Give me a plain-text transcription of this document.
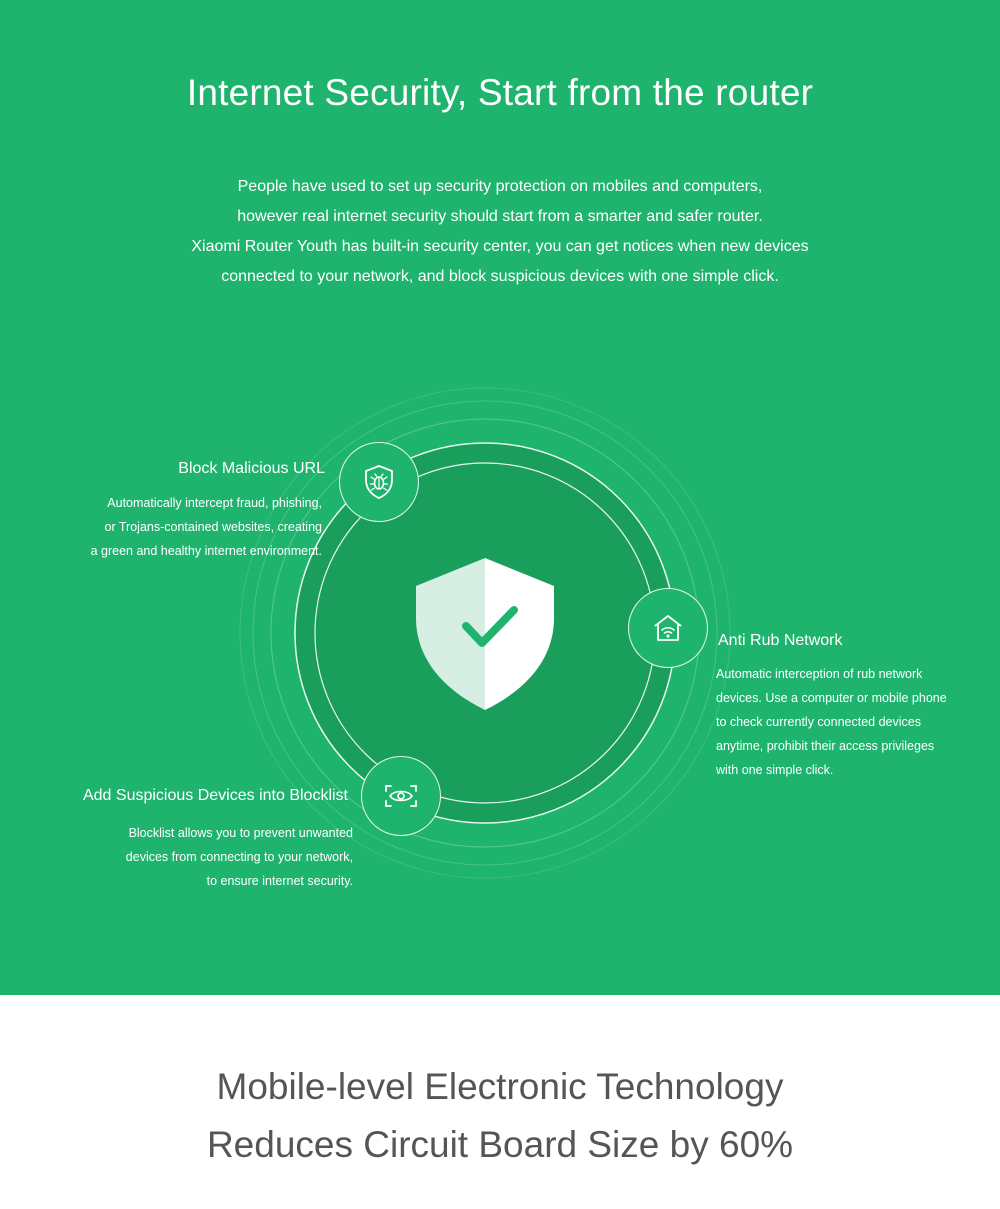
Internet Security, Start from the router
People have used to set up security protection on mobiles and computers,
however real internet security should start from a smarter and safer router.
Xiaomi Router Youth has built-in security center, you can get notices when new devices
connected to your network, and block suspicious devices with one simple click.
Block Malicious URL
Automatically intercept fraud, phishing,
or Trojans-contained websites, creating
a green and healthy internet environment.
Anti Rub Network
Automatic interception of rub network
devices. Use a computer or mobile phone
to check currently connected devices
anytime, prohibit their access privileges
with one simple click.
Add Suspicious Devices into Blocklist
Blocklist allows you to prevent unwanted
devices from connecting to your network,
to ensure internet security.
Mobile-level Electronic Technology
Reduces Circuit Board Size by 60%
